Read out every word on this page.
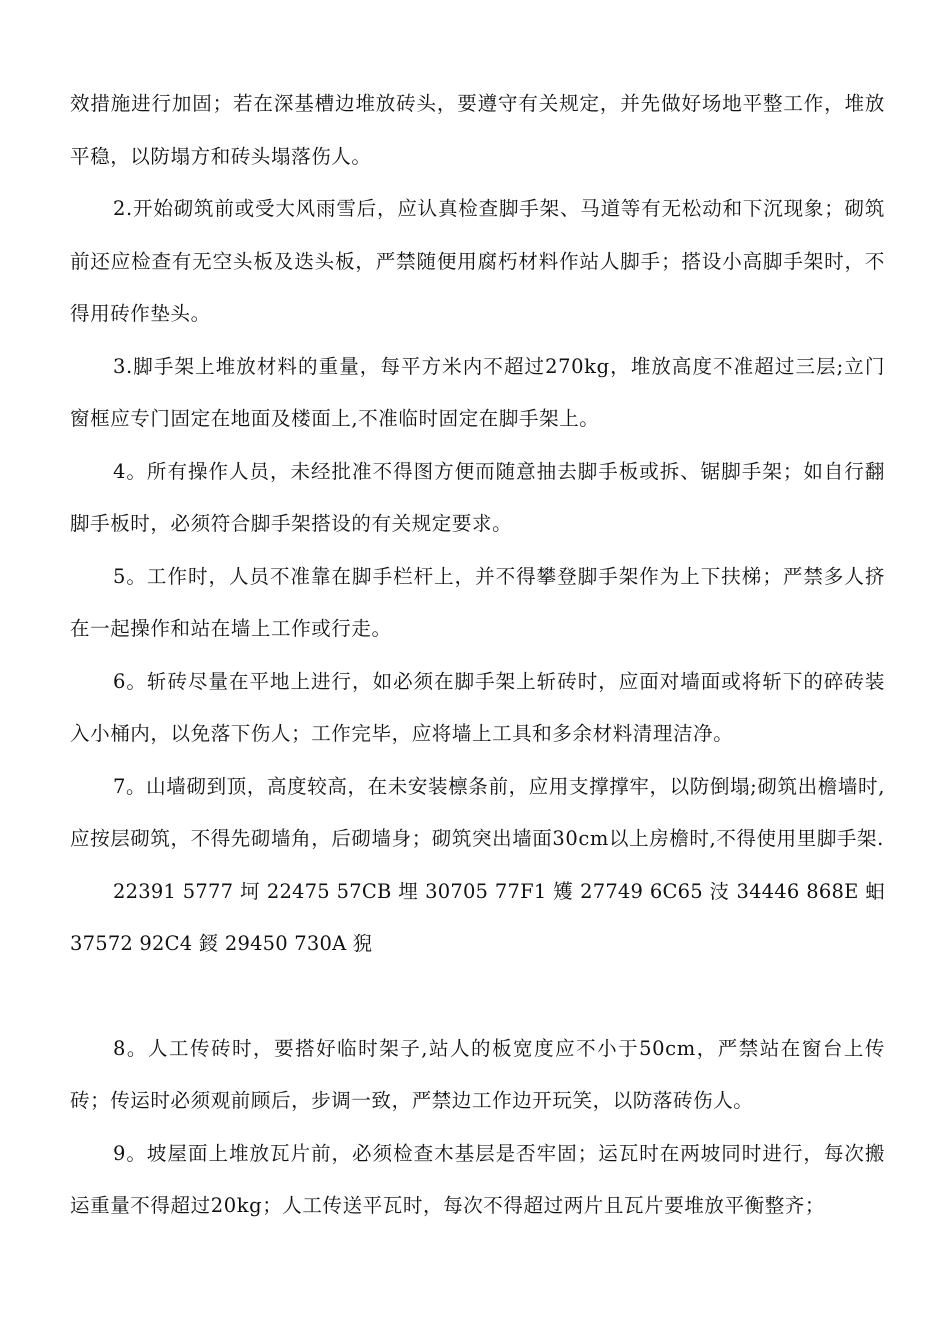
效措施进行加固；若在深基槽边堆放砖头，要遵守有关规定，并先做好场地平整工作，堆放平稳，以防塌方和砖头塌落伤人。

2.开始砌筑前或受大风雨雪后，应认真检查脚手架、马道等有无松动和下沉现象；砌筑前还应检查有无空头板及迭头板，严禁随便用腐朽材料作站人脚手；搭设小高脚手架时，不得用砖作垫头。

3.脚手架上堆放材料的重量，每平方米内不超过270kg，堆放高度不准超过三层;立门窗框应专门固定在地面及楼面上,不准临时固定在脚手架上。

4。所有操作人员，未经批准不得图方便而随意抽去脚手板或拆、锯脚手架；如自行翻脚手板时，必须符合脚手架搭设的有关规定要求。

5。工作时，人员不准靠在脚手栏杆上，并不得攀登脚手架作为上下扶梯；严禁多人挤在一起操作和站在墙上工作或行走。

6。斩砖尽量在平地上进行，如必须在脚手架上斩砖时，应面对墙面或将斩下的碎砖装入小桶内，以免落下伤人；工作完毕，应将墙上工具和多余材料清理洁净。

7。山墙砌到顶，高度较高，在未安装檩条前，应用支撑撑牢，以防倒塌;砌筑出檐墙时,应按层砌筑，不得先砌墙角，后砌墙身；砌筑突出墙面30cm以上房檐时,不得使用里脚手架.

22391 5777 坷 22475 57CB 埋 30705 77F1 矱 27749 6C65 汥 34446 868E 蚎 37572 92C4 鋄 29450 730A 猊

8。人工传砖时，要搭好临时架子,站人的板宽度应不小于50cm，严禁站在窗台上传砖；传运时必须观前顾后，步调一致，严禁边工作边开玩笑，以防落砖伤人。

9。坡屋面上堆放瓦片前，必须检查木基层是否牢固；运瓦时在两坡同时进行，每次搬运重量不得超过20kg；人工传送平瓦时，每次不得超过两片且瓦片要堆放平衡整齐；
